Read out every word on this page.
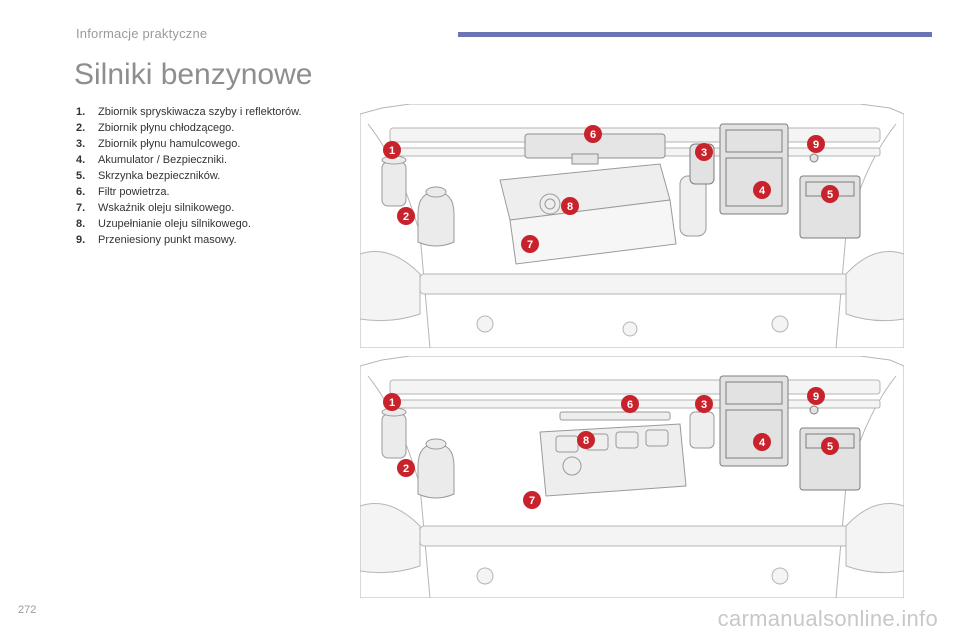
Informacje praktyczne
Silniki benzynowe
1. Zbiornik spryskiwacza szyby i reflektorów.
2. Zbiornik płynu chłodzącego.
3. Zbiornik płynu hamulcowego.
4. Akumulator / Bezpieczniki.
5. Skrzynka bezpieczników.
6. Filtr powietrza.
7. Wskaźnik oleju silnikowego.
8. Uzupełnianie oleju silnikowego.
9. Przeniesiony punkt masowy.
1
2
3
4	5
6
7
8
9
1
2
3
4	5
6
7
8
9
272	carmanualsonline.info
